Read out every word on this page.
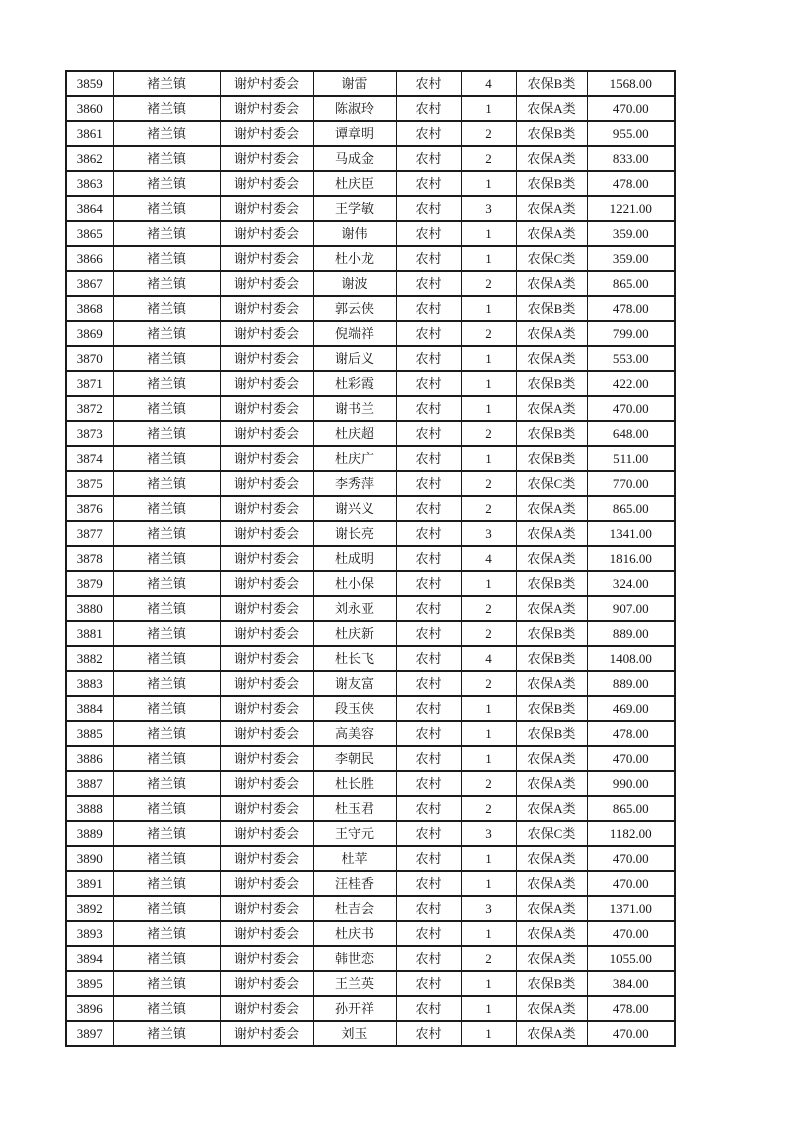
3859	褚兰镇	谢炉村委会	谢雷	农村	4	农保B类	1568.00
3860	褚兰镇	谢炉村委会	陈淑玲	农村	1	农保A类	470.00
3861	褚兰镇	谢炉村委会	谭章明	农村	2	农保B类	955.00
3862	褚兰镇	谢炉村委会	马成金	农村	2	农保A类	833.00
3863	褚兰镇	谢炉村委会	杜庆臣	农村	1	农保B类	478.00
3864	褚兰镇	谢炉村委会	王学敏	农村	3	农保A类	1221.00
3865	褚兰镇	谢炉村委会	谢伟	农村	1	农保A类	359.00
3866	褚兰镇	谢炉村委会	杜小龙	农村	1	农保C类	359.00
3867	褚兰镇	谢炉村委会	谢波	农村	2	农保A类	865.00
3868	褚兰镇	谢炉村委会	郭云侠	农村	1	农保B类	478.00
3869	褚兰镇	谢炉村委会	倪端祥	农村	2	农保A类	799.00
3870	褚兰镇	谢炉村委会	谢后义	农村	1	农保A类	553.00
3871	褚兰镇	谢炉村委会	杜彩霞	农村	1	农保B类	422.00
3872	褚兰镇	谢炉村委会	谢书兰	农村	1	农保A类	470.00
3873	褚兰镇	谢炉村委会	杜庆超	农村	2	农保B类	648.00
3874	褚兰镇	谢炉村委会	杜庆广	农村	1	农保B类	511.00
3875	褚兰镇	谢炉村委会	李秀萍	农村	2	农保C类	770.00
3876	褚兰镇	谢炉村委会	谢兴义	农村	2	农保A类	865.00
3877	褚兰镇	谢炉村委会	谢长亮	农村	3	农保A类	1341.00
3878	褚兰镇	谢炉村委会	杜成明	农村	4	农保A类	1816.00
3879	褚兰镇	谢炉村委会	杜小保	农村	1	农保B类	324.00
3880	褚兰镇	谢炉村委会	刘永亚	农村	2	农保A类	907.00
3881	褚兰镇	谢炉村委会	杜庆新	农村	2	农保B类	889.00
3882	褚兰镇	谢炉村委会	杜长飞	农村	4	农保B类	1408.00
3883	褚兰镇	谢炉村委会	谢友富	农村	2	农保A类	889.00
3884	褚兰镇	谢炉村委会	段玉侠	农村	1	农保B类	469.00
3885	褚兰镇	谢炉村委会	高美容	农村	1	农保B类	478.00
3886	褚兰镇	谢炉村委会	李朝民	农村	1	农保A类	470.00
3887	褚兰镇	谢炉村委会	杜长胜	农村	2	农保A类	990.00
3888	褚兰镇	谢炉村委会	杜玉君	农村	2	农保A类	865.00
3889	褚兰镇	谢炉村委会	王守元	农村	3	农保C类	1182.00
3890	褚兰镇	谢炉村委会	杜苹	农村	1	农保A类	470.00
3891	褚兰镇	谢炉村委会	汪桂香	农村	1	农保A类	470.00
3892	褚兰镇	谢炉村委会	杜吉会	农村	3	农保A类	1371.00
3893	褚兰镇	谢炉村委会	杜庆书	农村	1	农保A类	470.00
3894	褚兰镇	谢炉村委会	韩世恋	农村	2	农保A类	1055.00
3895	褚兰镇	谢炉村委会	王兰英	农村	1	农保B类	384.00
3896	褚兰镇	谢炉村委会	孙开祥	农村	1	农保A类	478.00
3897	褚兰镇	谢炉村委会	刘玉	农村	1	农保A类	470.00
